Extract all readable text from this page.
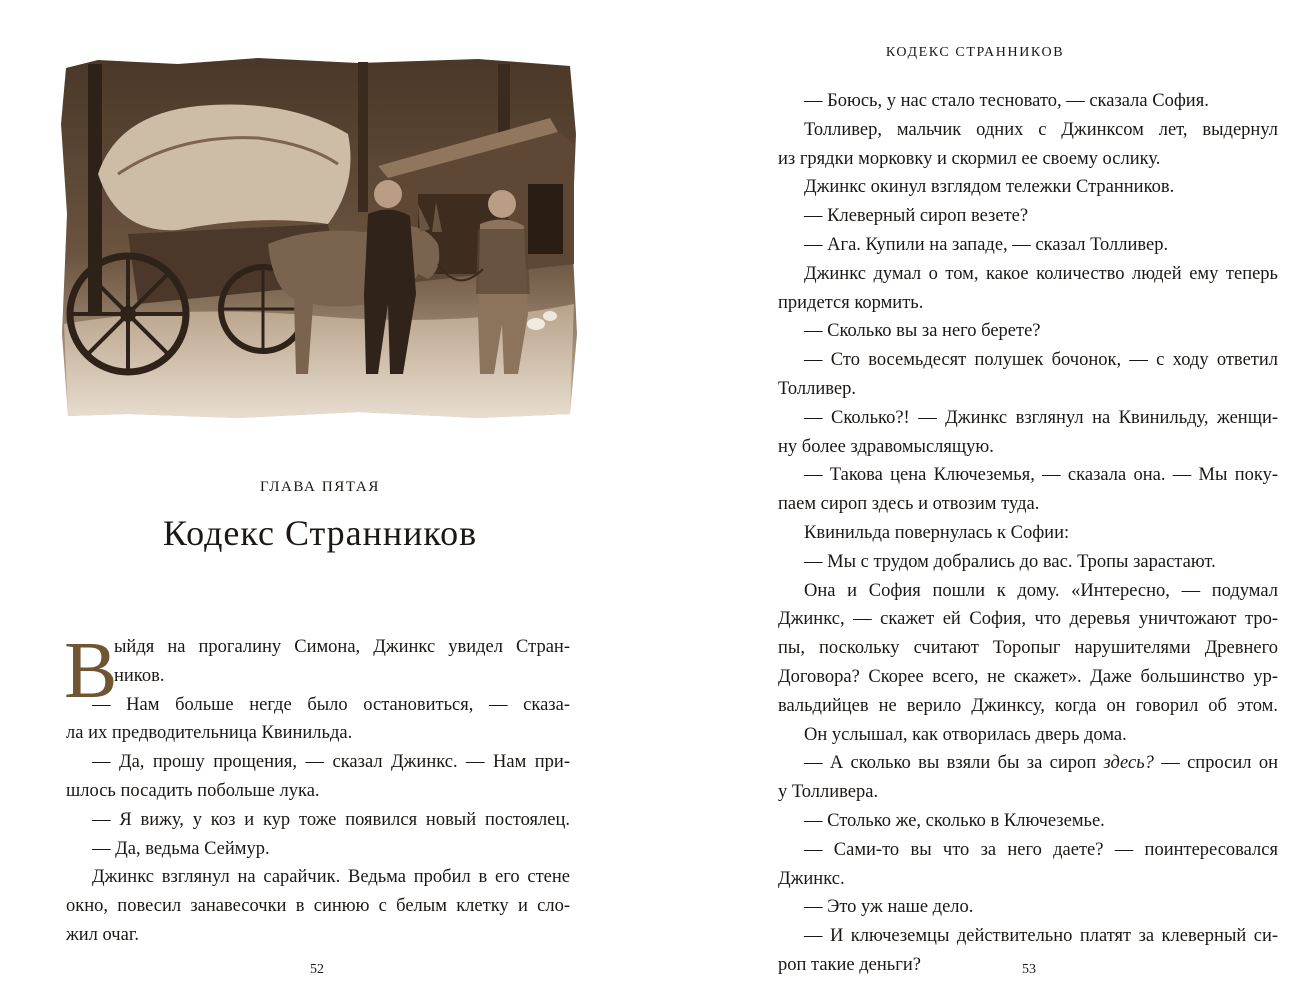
ГЛАВА ПЯТАЯ
Кодекс Странников
В
ыйдя на прогалину Симона, Джинкс увидел Стран-
ников.
— Нам больше негде было остановиться, — сказа-
ла их предводительница Квинильда.
— Да, прошу прощения, — сказал Джинкс. — Нам при-
шлось посадить побольше лука.
— Я вижу, у коз и кур тоже появился новый постоялец.
— Да, ведьма Сеймур.
Джинкс взглянул на сарайчик. Ведьма пробил в его стене
окно, повесил занавесочки в синюю с белым клетку и сло-
жил очаг.
52
КОДЕКС СТРАННИКОВ
— Боюсь, у нас стало тесновато, — сказала София.
Толливер, мальчик одних с Джинксом лет, выдернул
из грядки морковку и скормил ее своему ослику.
Джинкс окинул взглядом тележки Странников.
— Клеверный сироп везете?
— Ага. Купили на западе, — сказал Толливер.
Джинкс думал о том, какое количество людей ему теперь
придется кормить.
— Сколько вы за него берете?
— Сто восемьдесят полушек бочонок, — с ходу ответил
Толливер.
— Сколько?! — Джинкс взглянул на Квинильду, женщи-
ну более здравомыслящую.
— Такова цена Ключеземья, — сказала она. — Мы поку-
паем сироп здесь и отвозим туда.
Квинильда повернулась к Софии:
— Мы с трудом добрались до вас. Тропы зарастают.
Она и София пошли к дому. «Интересно, — подумал
Джинкс, — скажет ей София, что деревья уничтожают тро-
пы, поскольку считают Торопыг нарушителями Древнего
Договора? Скорее всего, не скажет». Даже большинство ур-
вальдийцев не верило Джинксу, когда он говорил об этом.
Он услышал, как отворилась дверь дома.
— А сколько вы взяли бы за сироп здесь? — спросил он
у Толливера.
— Столько же, сколько в Ключеземье.
— Сами-то вы что за него даете? — поинтересовался
Джинкс.
— Это уж наше дело.
— И ключеземцы действительно платят за клеверный си-
роп такие деньги?	53
